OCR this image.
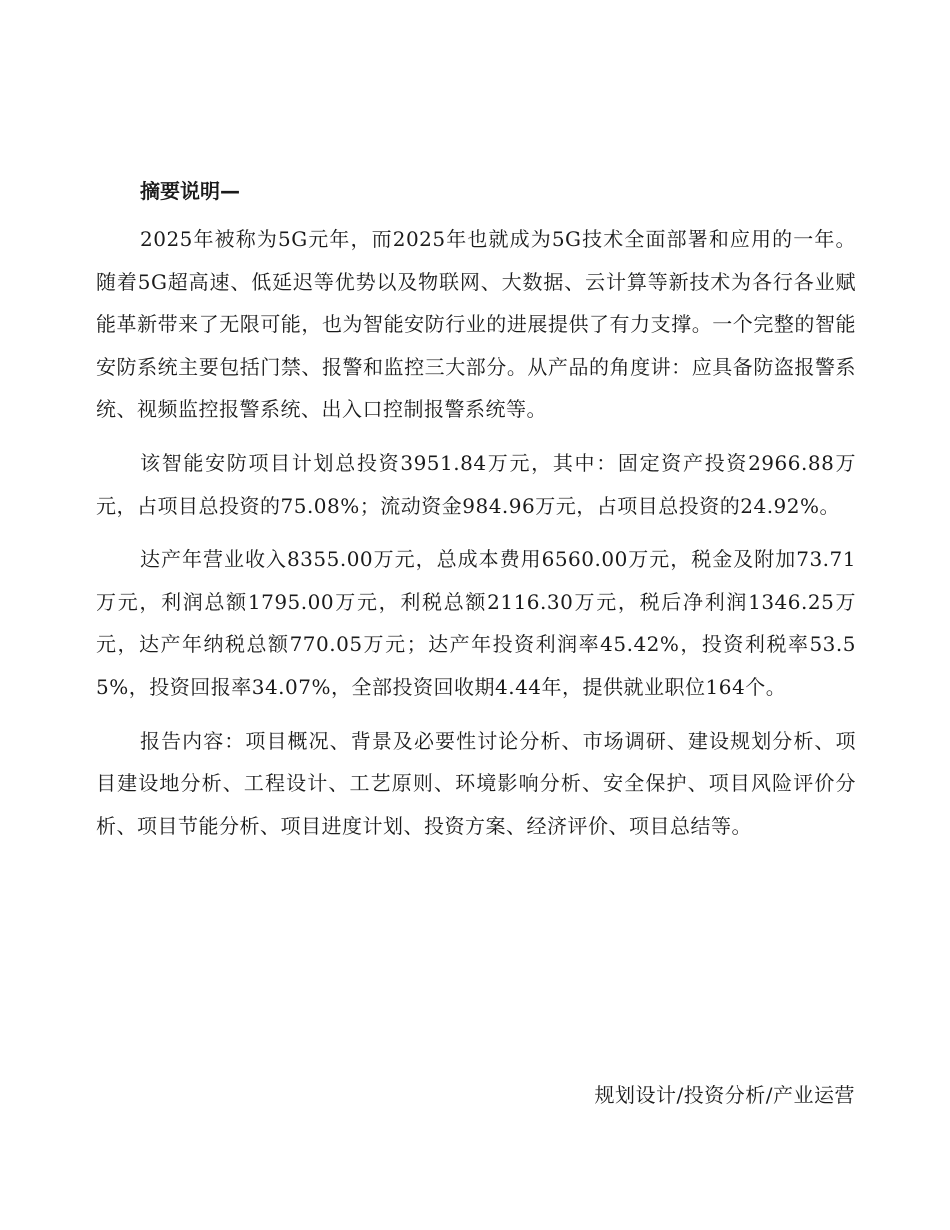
摘要说明—

2025年被称为5G元年，而2025年也就成为5G技术全面部署和应用的一年。随着5G超高速、低延迟等优势以及物联网、大数据、云计算等新技术为各行各业赋能革新带来了无限可能，也为智能安防行业的进展提供了有力支撑。一个完整的智能安防系统主要包括门禁、报警和监控三大部分。从产品的角度讲：应具备防盗报警系统、视频监控报警系统、出入口控制报警系统等。

该智能安防项目计划总投资3951.84万元，其中：固定资产投资2966.88万元，占项目总投资的75.08%；流动资金984.96万元，占项目总投资的24.92%。

达产年营业收入8355.00万元，总成本费用6560.00万元，税金及附加73.71万元，利润总额1795.00万元，利税总额2116.30万元，税后净利润1346.25万元，达产年纳税总额770.05万元；达产年投资利润率45.42%，投资利税率53.55%，投资回报率34.07%，全部投资回收期4.44年，提供就业职位164个。

报告内容：项目概况、背景及必要性讨论分析、市场调研、建设规划分析、项目建设地分析、工程设计、工艺原则、环境影响分析、安全保护、项目风险评价分析、项目节能分析、项目进度计划、投资方案、经济评价、项目总结等。

规划设计/投资分析/产业运营
